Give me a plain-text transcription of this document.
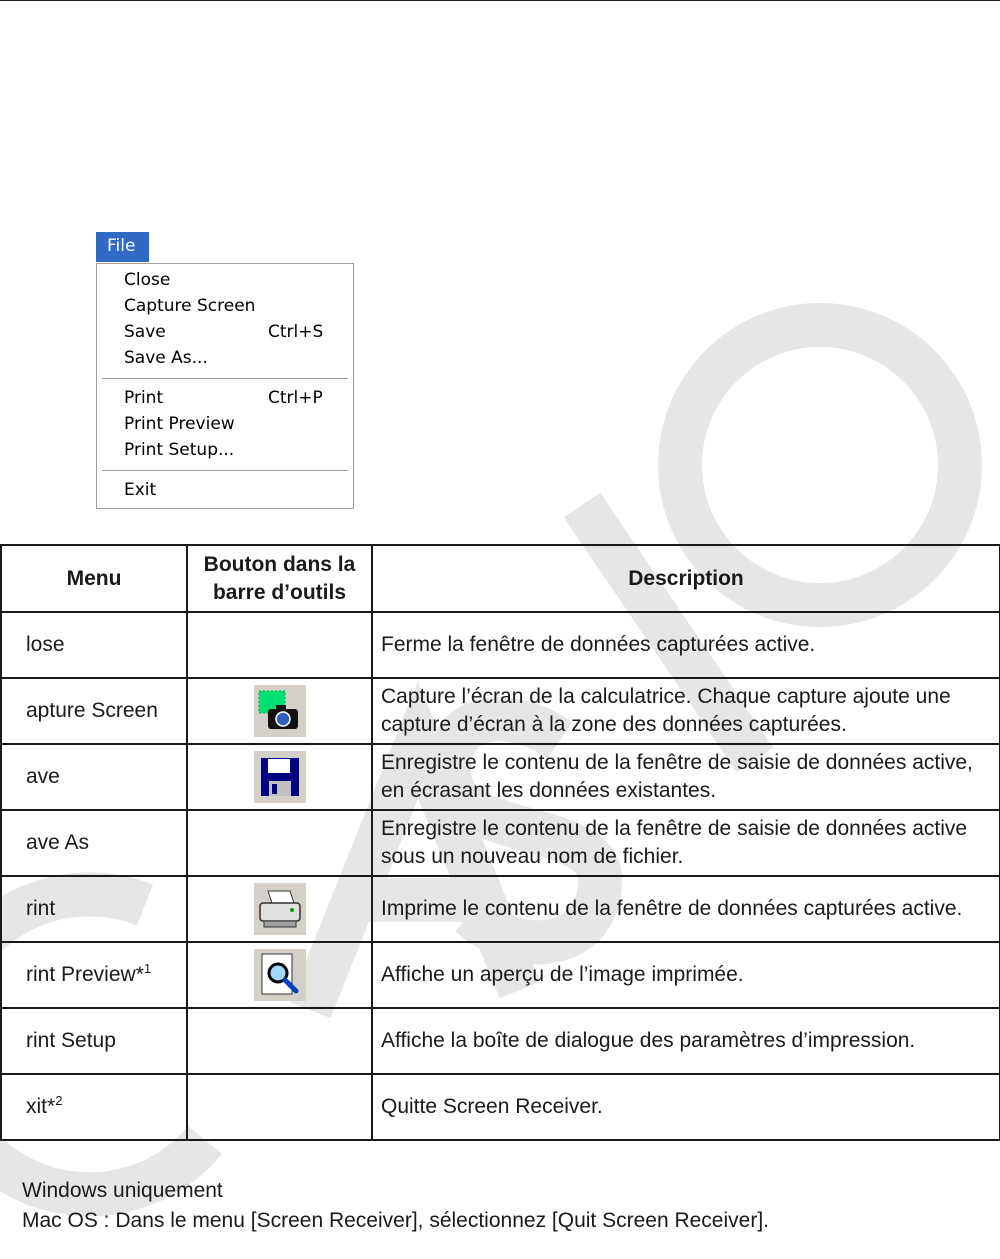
File
Close
Capture Screen
Save	Ctrl+S
Save As...
Print	Ctrl+P
Print Preview
Print Setup...
Exit
Menu	Bouton dans la barre d’outils	Description
lose		Ferme la fenêtre de données capturées active.
apture Screen		Capture l’écran de la calculatrice. Chaque capture ajoute une capture d’écran à la zone des données capturées.
ave		Enregistre le contenu de la fenêtre de saisie de données active, en écrasant les données existantes.
ave As		Enregistre le contenu de la fenêtre de saisie de données active sous un nouveau nom de fichier.
rint		Imprime le contenu de la fenêtre de données capturées active.
rint Preview*$^1$		Affiche un aperçu de l’image imprimée.
rint Setup		Affiche la boîte de dialogue des paramètres d’impression.
xit*$^2$		Quitte Screen Receiver.
Windows uniquement
Mac OS : Dans le menu [Screen Receiver], sélectionnez [Quit Screen Receiver].
